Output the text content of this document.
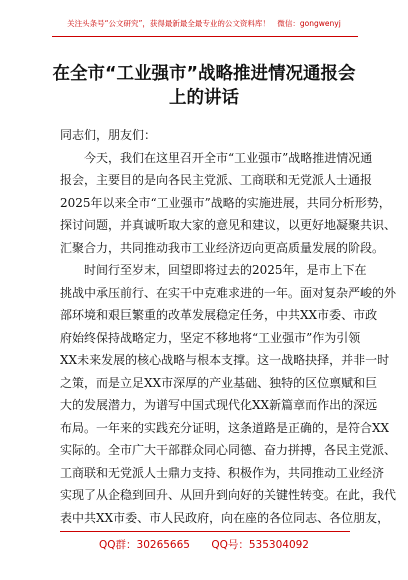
关注头条号“公文研究”，获得最新最全最专业的公文资料库！　微信：gongwenyj
在全市“工业强市”战略推进情况通报会
上的讲话
同志们，朋友们：
今天，我们在这里召开全市“工业强市”战略推进情况通
报会，主要目的是向各民主党派、工商联和无党派人士通报
2025年以来全市“工业强市”战略的实施进展，共同分析形势，
探讨问题，并真诚听取大家的意见和建议，以更好地凝聚共识、
汇聚合力，共同推动我市工业经济迈向更高质量发展的阶段。
时间行至岁末，回望即将过去的2025年，是市上下在
挑战中承压前行、在实干中克难求进的一年。面对复杂严峻的外
部环境和艰巨繁重的改革发展稳定任务，中共XX市委、市政
府始终保持战略定力，坚定不移地将“工业强市”作为引领
XX未来发展的核心战略与根本支撑。这一战略抉择，并非一时
之策，而是立足XX市深厚的产业基础、独特的区位禀赋和巨
大的发展潜力，为谱写中国式现代化XX新篇章而作出的深远
布局。一年来的实践充分证明，这条道路是正确的，是符合XX
实际的。全市广大干部群众同心同德、奋力拼搏，各民主党派、
工商联和无党派人士鼎力支持、积极作为，共同推动工业经济
实现了从企稳到回升、从回升到向好的关键性转变。在此，我代
表中共XX市委、市人民政府，向在座的各位同志、各位朋友，
QQ群：30265665 QQ号：535304092
